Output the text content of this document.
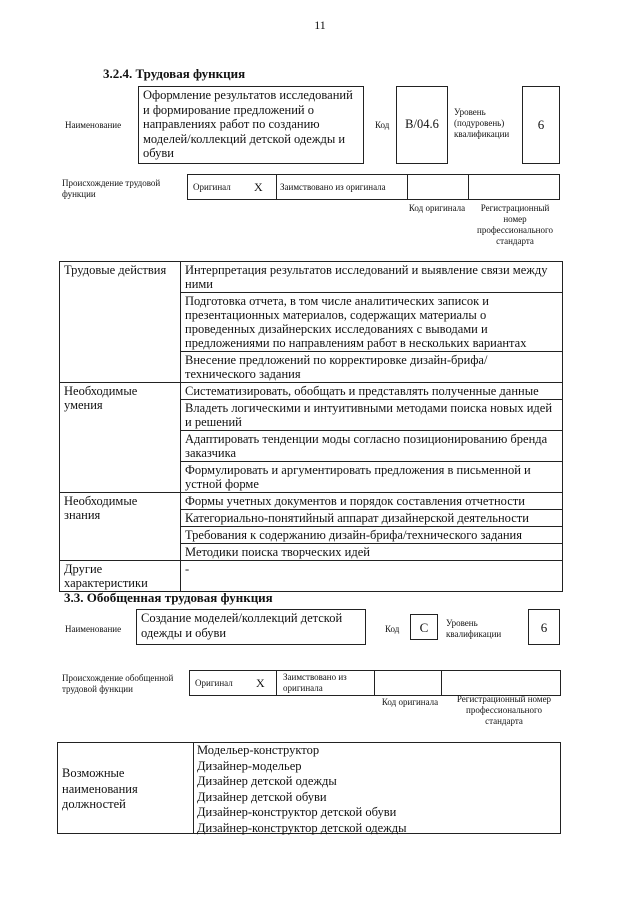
11
3.2.4. Трудовая функция
Наименование
Оформление результатов исследований и формирование предложений о направлениях работ по созданию моделей/коллекций детской одежды и обуви
Код	В/04.6
Уровень (подуровень) квалификации
6
Происхождение трудовой функции
Оригинал X Заимствовано из оригинала
Код оригинала	Регистрационный номер профессионального стандарта
Трудовые действия	Интерпретация результатов исследований и выявление связи между ними
	Подготовка отчета, в том числе аналитических записок и презентационных материалов, содержащих материалы о проведенных дизайнерских исследованиях с выводами и предложениями по направлениям работ в нескольких вариантах
	Внесение предложений по корректировке дизайн-брифа/технического задания
Необходимые умения	Систематизировать, обобщать и представлять полученные данные
	Владеть логическими и интуитивными методами поиска новых идей и решений
	Адаптировать тенденции моды согласно позиционированию бренда заказчика
	Формулировать и аргументировать предложения в письменной и устной форме
Необходимые знания	Формы учетных документов и порядок составления отчетности
	Категориально-понятийный аппарат дизайнерской деятельности
	Требования к содержанию дизайн-брифа/технического задания
	Методики поиска творческих идей
Другие характеристики	-
3.3. Обобщенная трудовая функция
Наименование
Создание моделей/коллекций детской одежды и обуви	Код	С	Уровень квалификации	6
Происхождение обобщенной трудовой функции
Оригинал X Заимствовано из оригинала
Код оригинала	Регистрационный номер профессионального стандарта
Возможные наименования должностей
Модельер-конструктор
Дизайнер-модельер
Дизайнер детской одежды
Дизайнер детской обуви
Дизайнер-конструктор детской обуви
Дизайнер-конструктор детской одежды
